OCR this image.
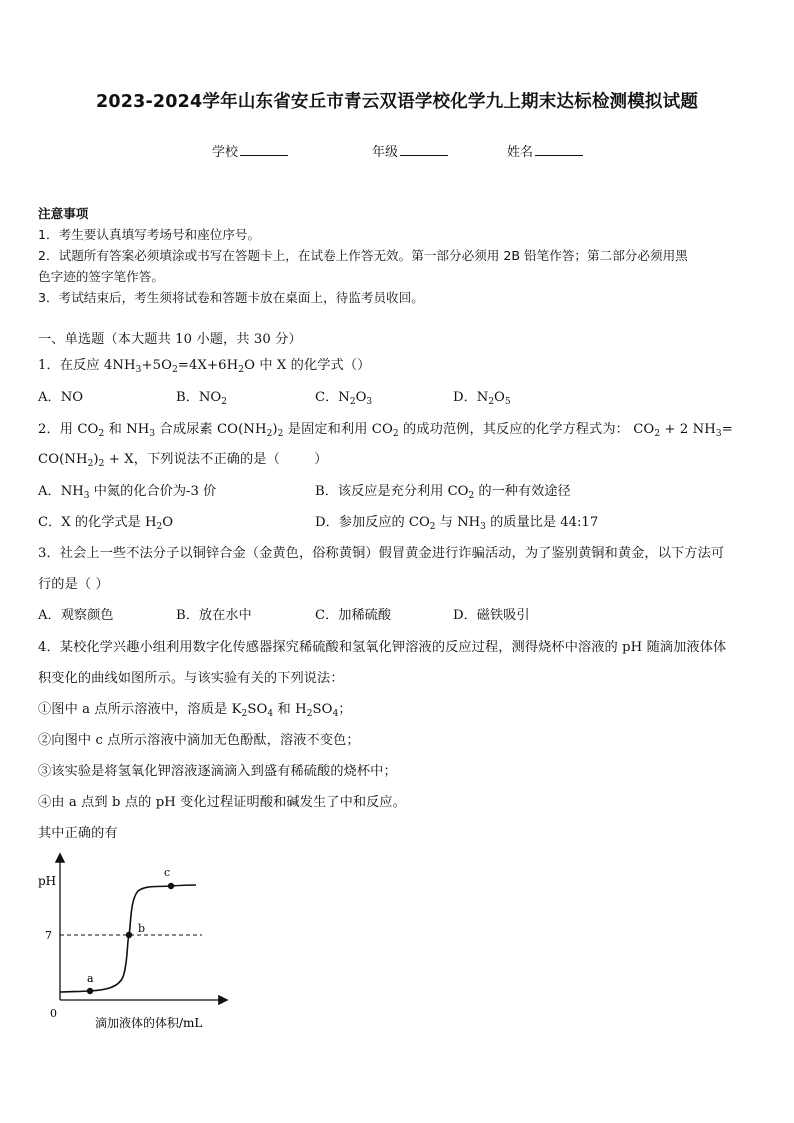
2023-2024学年山东省安丘市青云双语学校化学九上期末达标检测模拟试题
学校	年级	姓名
注意事项
1．考生要认真填写考场号和座位序号。
2．试题所有答案必须填涂或书写在答题卡上，在试卷上作答无效。第一部分必须用 2B 铅笔作答；第二部分必须用黑
色字迹的签字笔作答。
3．考试结束后，考生须将试卷和答题卡放在桌面上，待监考员收回。
一、单选题（本大题共 10 小题，共 30 分）
1．在反应 $4NH_3+5O_2=4X+6H_2O$ 中 X 的化学式（）
A．NO	B．$NO_2$	C．$N_2O_3$	D．$N_2O_5$
2．用 $CO_2$ 和 $NH_3$ 合成尿素 $CO(NH_2)_2$ 是固定和利用 $CO_2$ 的成功范例，其反应的化学方程式为： $CO_2 + 2$ $NH_3=$
$CO(NH_2)_2 + X$，下列说法不正确的是（        ）
A．$NH_3$ 中氮的化合价为-3 价	B．该反应是充分利用 $CO_2$ 的一种有效途径
C．X 的化学式是 $H_2O$	D．参加反应的 $CO_2$ 与 $NH_3$ 的质量比是 44:17
3．社会上一些不法分子以铜锌合金（金黄色，俗称黄铜）假冒黄金进行诈骗活动，为了鉴别黄铜和黄金，以下方法可
行的是（ ）
A．观察颜色	B．放在水中	C．加稀硫酸	D．磁铁吸引
4．某校化学兴趣小组利用数字化传感器探究稀硫酸和氢氧化钾溶液的反应过程，测得烧杯中溶液的 pH 随滴加液体体
积变化的曲线如图所示。与该实验有关的下列说法：
①图中 a 点所示溶液中，溶质是 $K_2SO_4$ 和 $H_2SO_4$；
②向图中 c 点所示溶液中滴加无色酚酞，溶液不变色；
③该实验是将氢氧化钾溶液逐滴滴入到盛有稀硫酸的烧杯中；
④由 a 点到 b 点的 pH 变化过程证明酸和碱发生了中和反应。
其中正确的有
pH
0
7
a
b
c
滴加液体的体积/mL
